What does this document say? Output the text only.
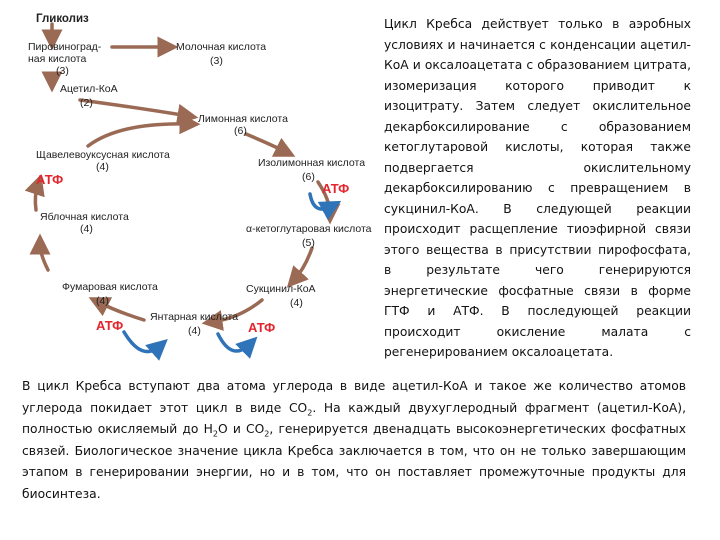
Гликолиз
Пировиноград-
ная кислота
(3)
Молочная кислота
(3)
Ацетил-КоА
(2)
Лимонная кислота
(6)
Щавелевоуксусная кислота
(4)	Изолимонная кислота
(6)
АТФ
АТФ
Яблочная кислота
(4)	α-кетоглутаровая кислота
(5)
Фумаровая кислота
(4)
Сукцинил-КоА
(4)
Янтарная кислота
(4)
АТФ	АТФ

Цикл Кребса действует только в аэробных условиях и начинается с конденсации ацетил-КоА и оксалоацетата с образованием цитрата, изомеризация которого приводит к изоцитрату. Затем следует окислительное декарбоксилирование с образованием кетоглутаровой кислоты, которая также подвергается окислительному декарбоксилированию с превращением в сукцинил-КоА. В следующей реакции происходит расщепление тиоэфирной связи этого вещества в присутствии пирофосфата, в результате чего генерируются энергетические фосфатные связи в форме ГТФ и АТФ. В последующей реакции происходит окисление малата с регенерированием оксалоацетата.

В цикл Кребса вступают два атома углерода в виде ацетил-КоА и такое же количество атомов углерода покидает этот цикл в виде $CO_2$. На каждый двухуглеродный фрагмент (ацетил-КоА), полностью окисляемый до $H_2O$ и $CO_2$, генерируется двенадцать высокоэнергетических фосфатных связей. Биологическое значение цикла Кребса заключается в том, что он не только завершающим этапом в генерировании энергии, но и в том, что он поставляет промежуточные продукты для биосинтеза.
